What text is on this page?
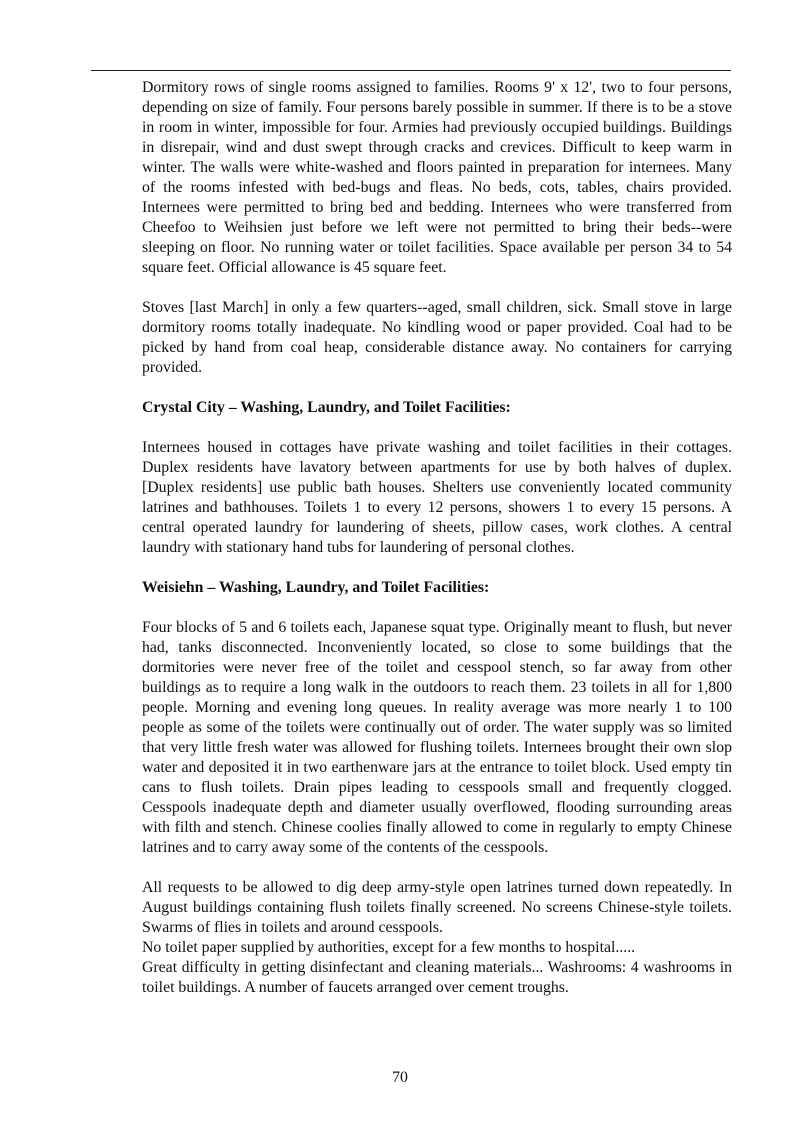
Dormitory rows of single rooms assigned to families. Rooms 9' x 12', two to four persons, depending on size of family. Four persons barely possible in summer. If there is to be a stove in room in winter, impossible for four. Armies had previously occupied buildings. Buildings in disrepair, wind and dust swept through cracks and crevices. Difficult to keep warm in winter. The walls were white-washed and floors painted in preparation for internees. Many of the rooms infested with bed-bugs and fleas. No beds, cots, tables, chairs provided. Internees were permitted to bring bed and bedding. Internees who were transferred from Cheefoo to Weihsien just before we left were not permitted to bring their beds--were sleeping on floor. No running water or toilet facilities. Space available per person 34 to 54 square feet. Official allowance is 45 square feet.

Stoves [last March] in only a few quarters--aged, small children, sick. Small stove in large dormitory rooms totally inadequate. No kindling wood or paper provided. Coal had to be picked by hand from coal heap, considerable distance away. No containers for carrying provided.

Crystal City – Washing, Laundry, and Toilet Facilities:

Internees housed in cottages have private washing and toilet facilities in their cottages. Duplex residents have lavatory between apartments for use by both halves of duplex. [Duplex residents] use public bath houses. Shelters use conveniently located community latrines and bathhouses. Toilets 1 to every 12 persons, showers 1 to every 15 persons. A central operated laundry for laundering of sheets, pillow cases, work clothes. A central laundry with stationary hand tubs for laundering of personal clothes.

Weisiehn – Washing, Laundry, and Toilet Facilities:

Four blocks of 5 and 6 toilets each, Japanese squat type. Originally meant to flush, but never had, tanks disconnected. Inconveniently located, so close to some buildings that the dormitories were never free of the toilet and cesspool stench, so far away from other buildings as to require a long walk in the outdoors to reach them. 23 toilets in all for 1,800 people. Morning and evening long queues. In reality average was more nearly 1 to 100 people as some of the toilets were continually out of order. The water supply was so limited that very little fresh water was allowed for flushing toilets. Internees brought their own slop water and deposited it in two earthenware jars at the entrance to toilet block. Used empty tin cans to flush toilets. Drain pipes leading to cesspools small and frequently clogged. Cesspools inadequate depth and diameter usually overflowed, flooding surrounding areas with filth and stench. Chinese coolies finally allowed to come in regularly to empty Chinese latrines and to carry away some of the contents of the cesspools.

All requests to be allowed to dig deep army-style open latrines turned down repeatedly. In August buildings containing flush toilets finally screened. No screens Chinese-style toilets. Swarms of flies in toilets and around cesspools.

No toilet paper supplied by authorities, except for a few months to hospital.....

Great difficulty in getting disinfectant and cleaning materials... Washrooms: 4 washrooms in toilet buildings. A number of faucets arranged over cement troughs.

70
